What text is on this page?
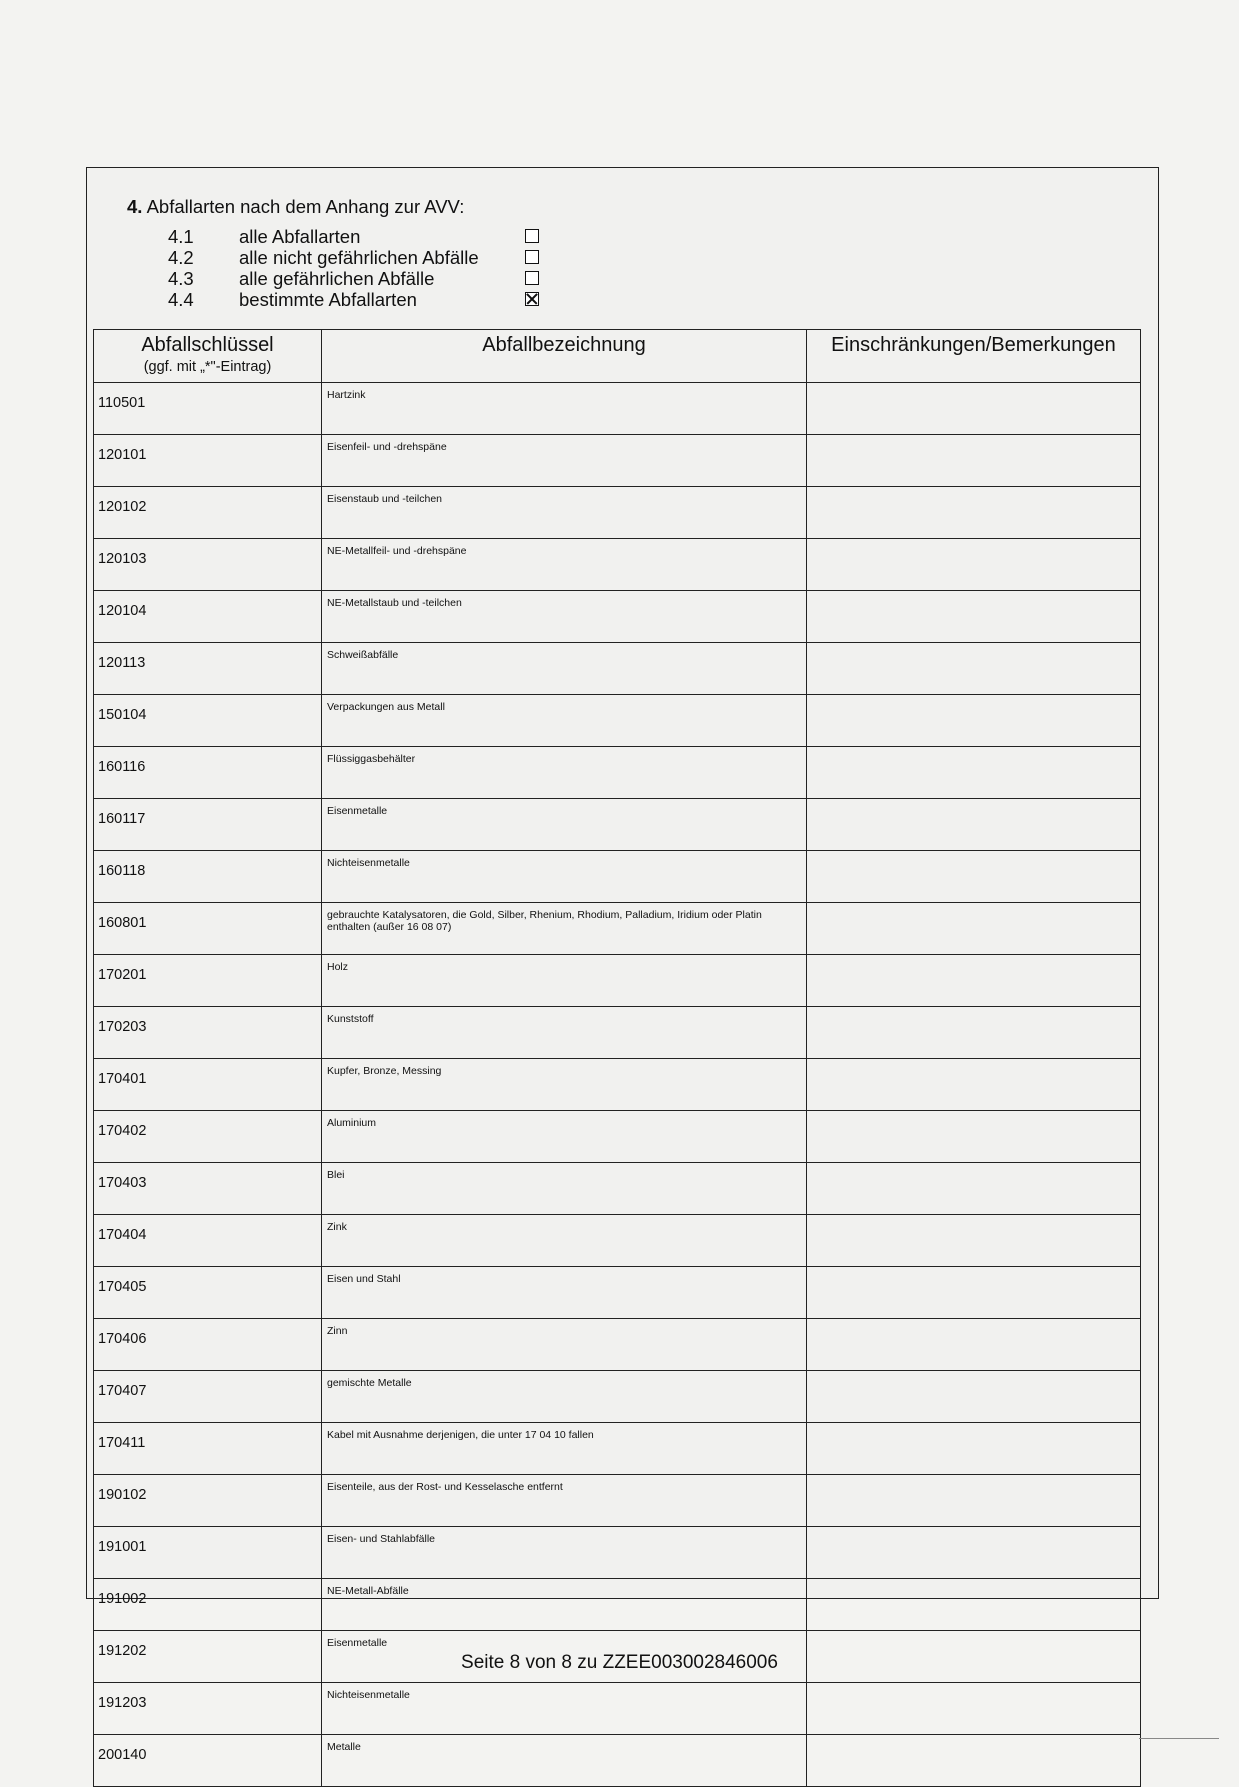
4. Abfallarten nach dem Anhang zur AVV:
4.1 alle Abfallarten
4.2 alle nicht gefährlichen Abfälle
4.3 alle gefährlichen Abfälle
4.4 bestimmte Abfallarten
Abfallschlüssel
(ggf. mit „*"-Eintrag)	Abfallbezeichnung	Einschränkungen/Bemerkungen
110501	Hartzink	
120101	Eisenfeil- und -drehspäne	
120102	Eisenstaub und -teilchen	
120103	NE-Metallfeil- und -drehspäne	
120104	NE-Metallstaub und -teilchen	
120113	Schweißabfälle	
150104	Verpackungen aus Metall	
160116	Flüssiggasbehälter	
160117	Eisenmetalle	
160118	Nichteisenmetalle	
160801	gebrauchte Katalysatoren, die Gold, Silber, Rhenium, Rhodium, Palladium, Iridium oder Platin enthalten (außer 16 08 07)	
170201	Holz	
170203	Kunststoff	
170401	Kupfer, Bronze, Messing	
170402	Aluminium	
170403	Blei	
170404	Zink	
170405	Eisen und Stahl	
170406	Zinn	
170407	gemischte Metalle	
170411	Kabel mit Ausnahme derjenigen, die unter 17 04 10 fallen	
190102	Eisenteile, aus der Rost- und Kesselasche entfernt	
191001	Eisen- und Stahlabfälle	
191002	NE-Metall-Abfälle	
191202	Eisenmetalle	
191203	Nichteisenmetalle	
200140	Metalle	
Seite 8 von 8 zu ZZEE003002846006
